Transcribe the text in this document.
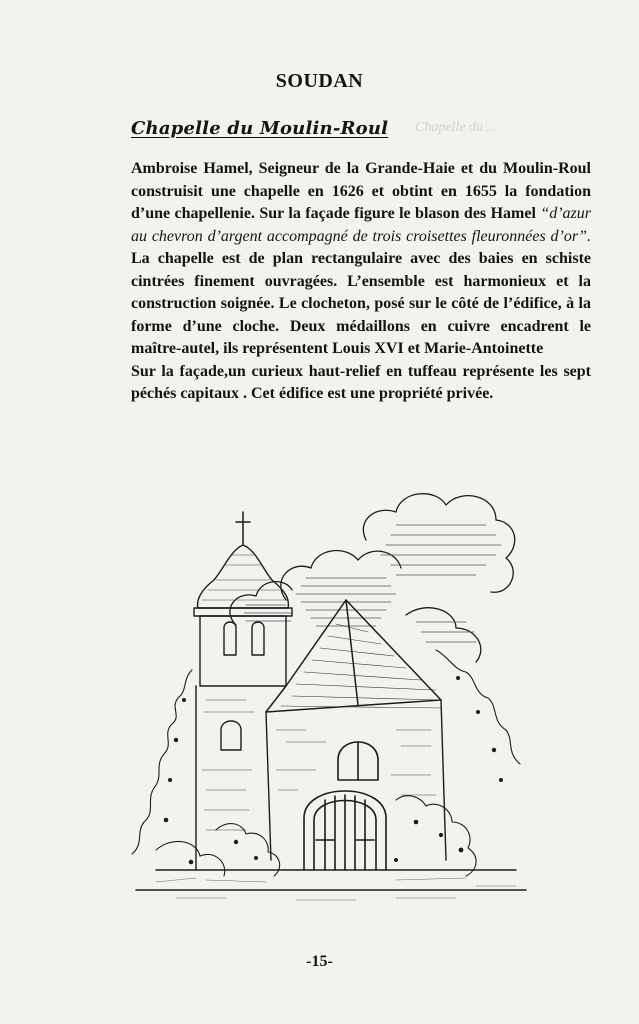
Chapelle du ...
SOUDAN
Chapelle du Moulin-Roul

Ambroise Hamel, Seigneur de la Grande-Haie et du Moulin-Roul construisit une chapelle en 1626 et obtint en 1655 la fondation d’une chapellenie. Sur la façade figure le blason des Hamel “d’azur au chevron d’argent accompagné de trois croisettes fleuronnées d’or”. La chapelle est de plan rectangulaire avec des baies en schiste cintrées finement ouvragées. L’ensemble est harmonieux et la construction soignée. Le clocheton, posé sur le côté de l’édifice, à la forme d’une cloche. Deux médaillons en cuivre encadrent le maître-autel, ils représentent Louis XVI et Marie-Antoinette

Sur la façade,un curieux haut-relief en tuffeau représente les sept péchés capitaux . Cet édifice est une propriété privée.

-15-
